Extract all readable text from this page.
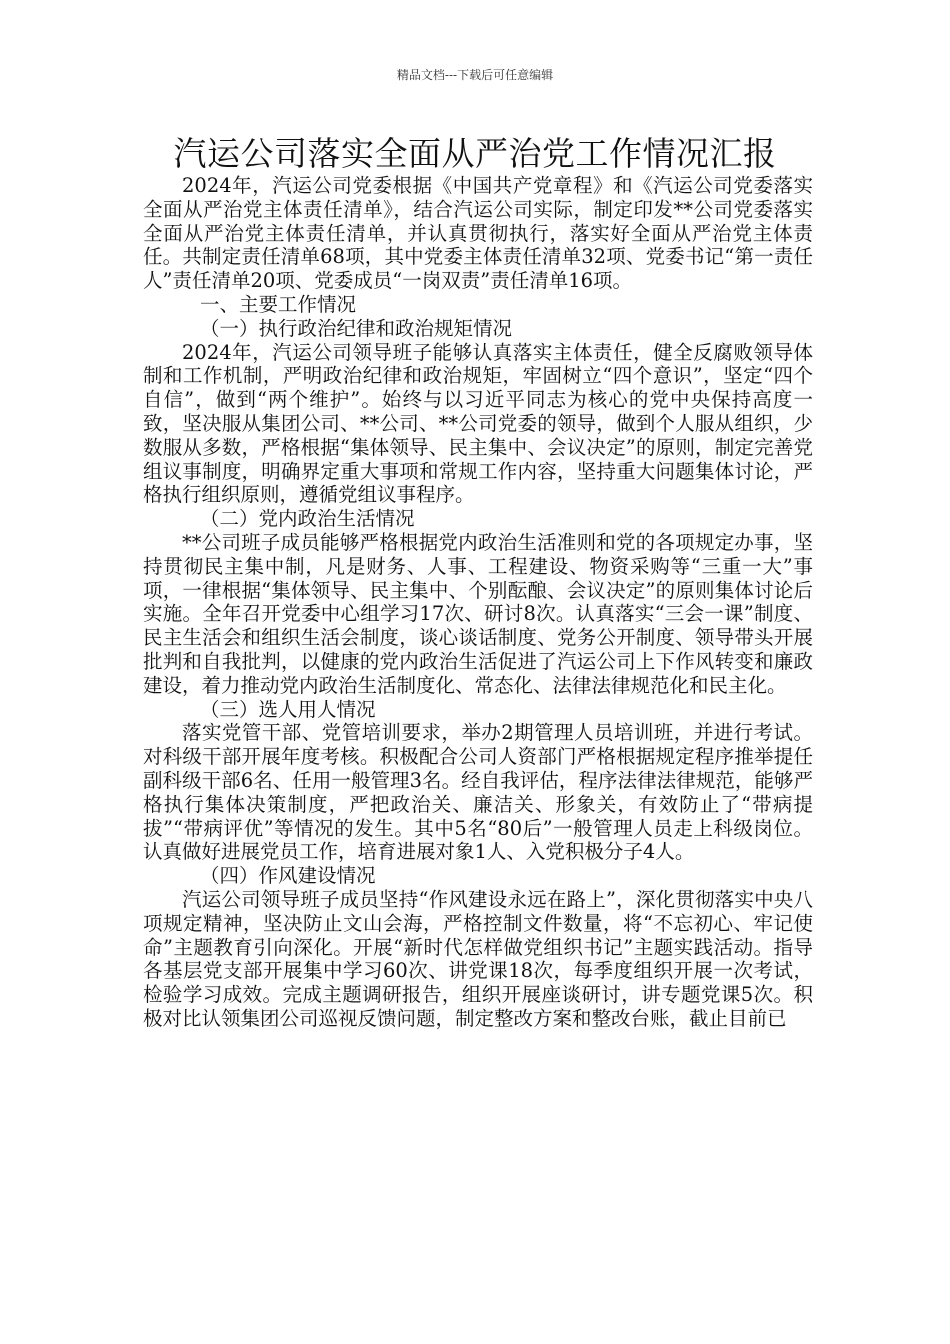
精品文档---下载后可任意编辑
汽运公司落实全面从严治党工作情况汇报

2024年，汽运公司党委根据《中国共产党章程》和《汽运公司党委落实全面从严治党主体责任清单》，结合汽运公司实际，制定印发**公司党委落实全面从严治党主体责任清单，并认真贯彻执行，落实好全面从严治党主体责任。共制定责任清单68项，其中党委主体责任清单32项、党委书记“第一责任人”责任清单20项、党委成员“一岗双责”责任清单16项。

一、主要工作情况

（一）执行政治纪律和政治规矩情况

2024年，汽运公司领导班子能够认真落实主体责任，健全反腐败领导体制和工作机制，严明政治纪律和政治规矩，牢固树立“四个意识”，坚定“四个自信”，做到“两个维护”。始终与以习近平同志为核心的党中央保持高度一致，坚决服从集团公司、**公司、**公司党委的领导，做到个人服从组织，少数服从多数，严格根据“集体领导、民主集中、会议决定”的原则，制定完善党组议事制度，明确界定重大事项和常规工作内容，坚持重大问题集体讨论，严格执行组织原则，遵循党组议事程序。

（二）党内政治生活情况

**公司班子成员能够严格根据党内政治生活准则和党的各项规定办事，坚持贯彻民主集中制，凡是财务、人事、工程建设、物资采购等“三重一大”事项，一律根据“集体领导、民主集中、个别酝酿、会议决定”的原则集体讨论后实施。全年召开党委中心组学习17次、研讨8次。认真落实“三会一课”制度、民主生活会和组织生活会制度，谈心谈话制度、党务公开制度、领导带头开展批判和自我批判，以健康的党内政治生活促进了汽运公司上下作风转变和廉政建设，着力推动党内政治生活制度化、常态化、法律法律规范化和民主化。

（三）选人用人情况

落实党管干部、党管培训要求，举办2期管理人员培训班，并进行考试。对科级干部开展年度考核。积极配合公司人资部门严格根据规定程序推举提任副科级干部6名、任用一般管理3名。经自我评估，程序法律法律规范，能够严格执行集体决策制度，严把政治关、廉洁关、形象关，有效防止了“带病提拔”“带病评优”等情况的发生。其中5名“80后”一般管理人员走上科级岗位。认真做好进展党员工作，培育进展对象1人、入党积极分子4人。

（四）作风建设情况

汽运公司领导班子成员坚持“作风建设永远在路上”，深化贯彻落实中央八项规定精神，坚决防止文山会海，严格控制文件数量，将“不忘初心、牢记使命”主题教育引向深化。开展“新时代怎样做党组织书记”主题实践活动。指导各基层党支部开展集中学习60次、讲党课18次，每季度组织开展一次考试，检验学习成效。完成主题调研报告，组织开展座谈研讨，讲专题党课5次。积极对比认领集团公司巡视反馈问题，制定整改方案和整改台账，截止目前已
